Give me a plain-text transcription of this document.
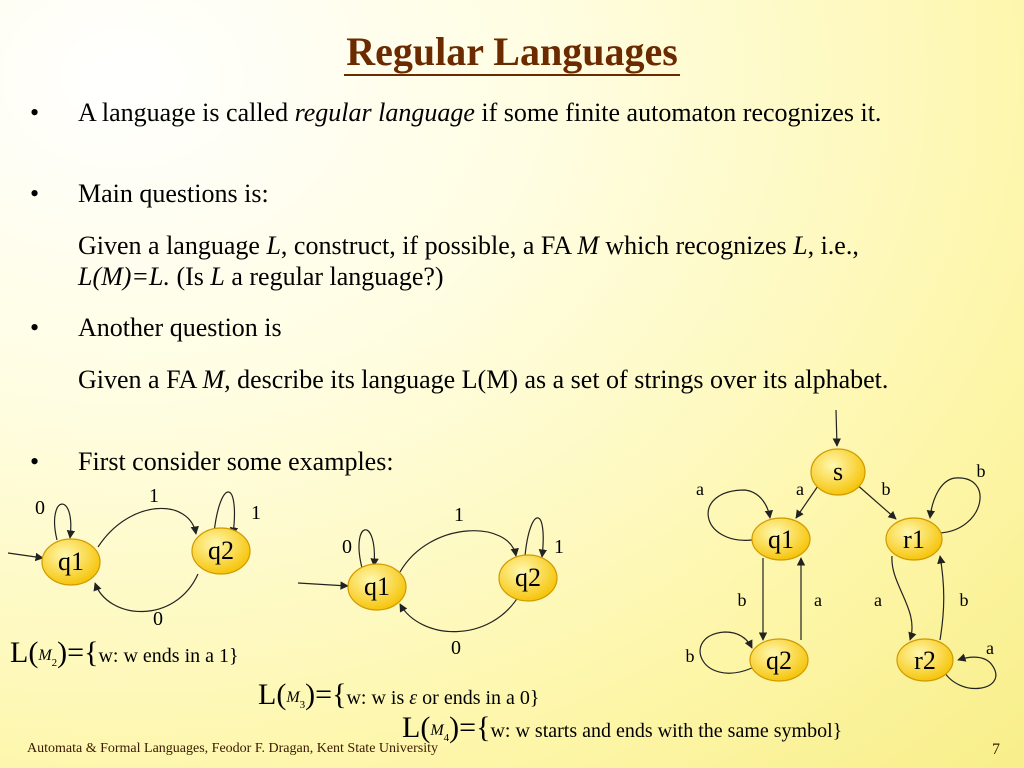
Regular Languages
• A language is called regular language if some finite automaton recognizes it.

• Main questions is:

Given a language L, construct, if possible, a FA M which recognizes L, i.e., L(M)=L. (Is L a regular language?)

• Another question is

Given a FA M, describe its language L(M) as a set of strings over its alphabet.

• First consider some examples:

q1	q2
0
1
1
0
q1	q2
0
1
1
0
s
q1	r1
q2	r2
a	a	b
b
b	a	a	b
b	a
L(M2)={w: w ends in a 1}
L(M3)={w: w is ε or ends in a 0}
L(M4)={w: w starts and ends with the same symbol}
Automata & Formal Languages, Feodor F. Dragan, Kent State University	7
